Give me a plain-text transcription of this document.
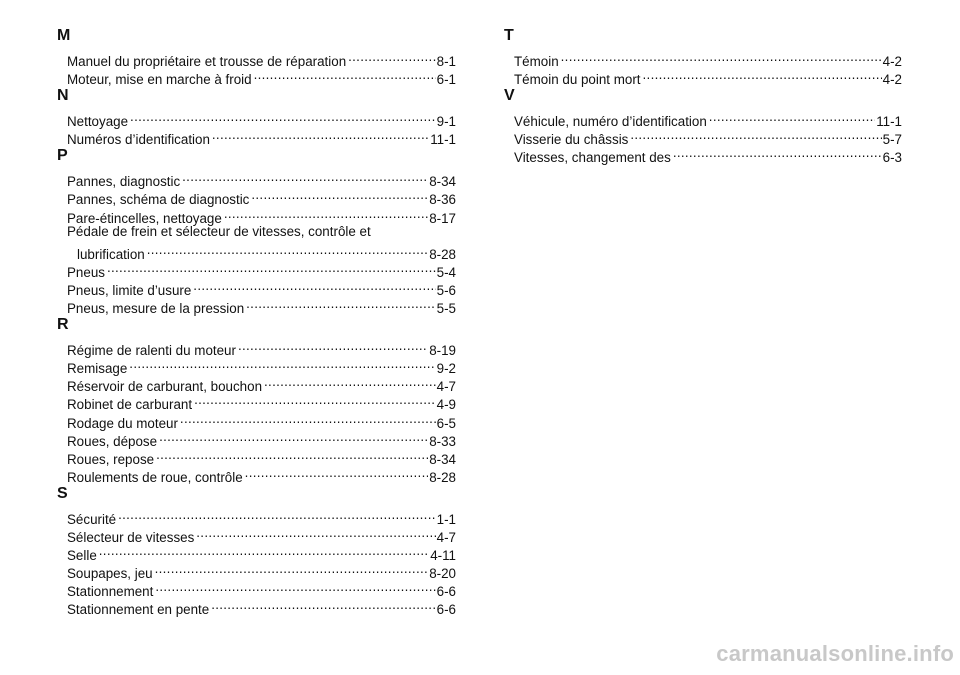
M
Manuel du propriétaire et trousse de réparation .....	8-1
Moteur, mise en marche à froid .....	6-1
N
Nettoyage .....	9-1
Numéros d’identification .....	11-1
P
Pannes, diagnostic .....	8-34
Pannes, schéma de diagnostic .....	8-36
Pare-étincelles, nettoyage .....	8-17
Pédale de frein et sélecteur de vitesses, contrôle et
lubrification .....	8-28
Pneus .....	5-4
Pneus, limite d’usure .....	5-6
Pneus, mesure de la pression .....	5-5
R
Régime de ralenti du moteur .....	8-19
Remisage .....	9-2
Réservoir de carburant, bouchon .....	4-7
Robinet de carburant .....	4-9
Rodage du moteur .....	6-5
Roues, dépose .....	8-33
Roues, repose .....	8-34
Roulements de roue, contrôle .....	8-28
S
Sécurité .....	1-1
Sélecteur de vitesses .....	4-7
Selle .....	4-11
Soupapes, jeu .....	8-20
Stationnement .....	6-6
Stationnement en pente .....	6-6
T
Témoin .....	4-2
Témoin du point mort .....	4-2
V
Véhicule, numéro d’identification .....	11-1
Visserie du châssis .....	5-7
Vitesses, changement des .....	6-3
carmanualsonline.info
